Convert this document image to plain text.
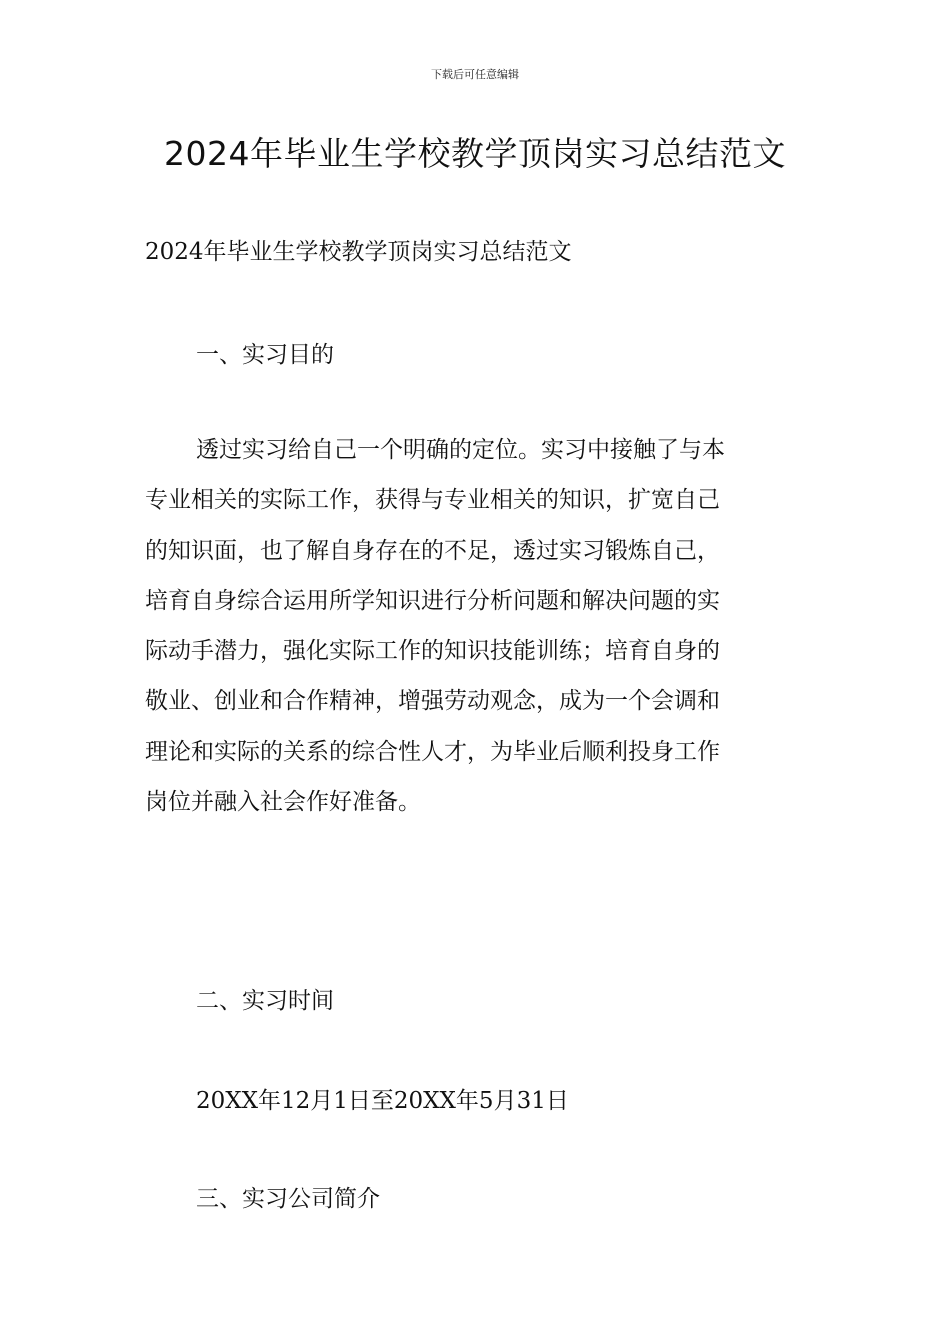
下载后可任意编辑
2024年毕业生学校教学顶岗实习总结范文
2024年毕业生学校教学顶岗实习总结范文
一、实习目的
透过实习给自己一个明确的定位。实习中接触了与本
专业相关的实际工作，获得与专业相关的知识，扩宽自己
的知识面，也了解自身存在的不足，透过实习锻炼自己，
培育自身综合运用所学知识进行分析问题和解决问题的实
际动手潜力，强化实际工作的知识技能训练；培育自身的
敬业、创业和合作精神，增强劳动观念，成为一个会调和
理论和实际的关系的综合性人才，为毕业后顺利投身工作
岗位并融入社会作好准备。
二、实习时间
20XX年12月1日至20XX年5月31日
三、实习公司简介
